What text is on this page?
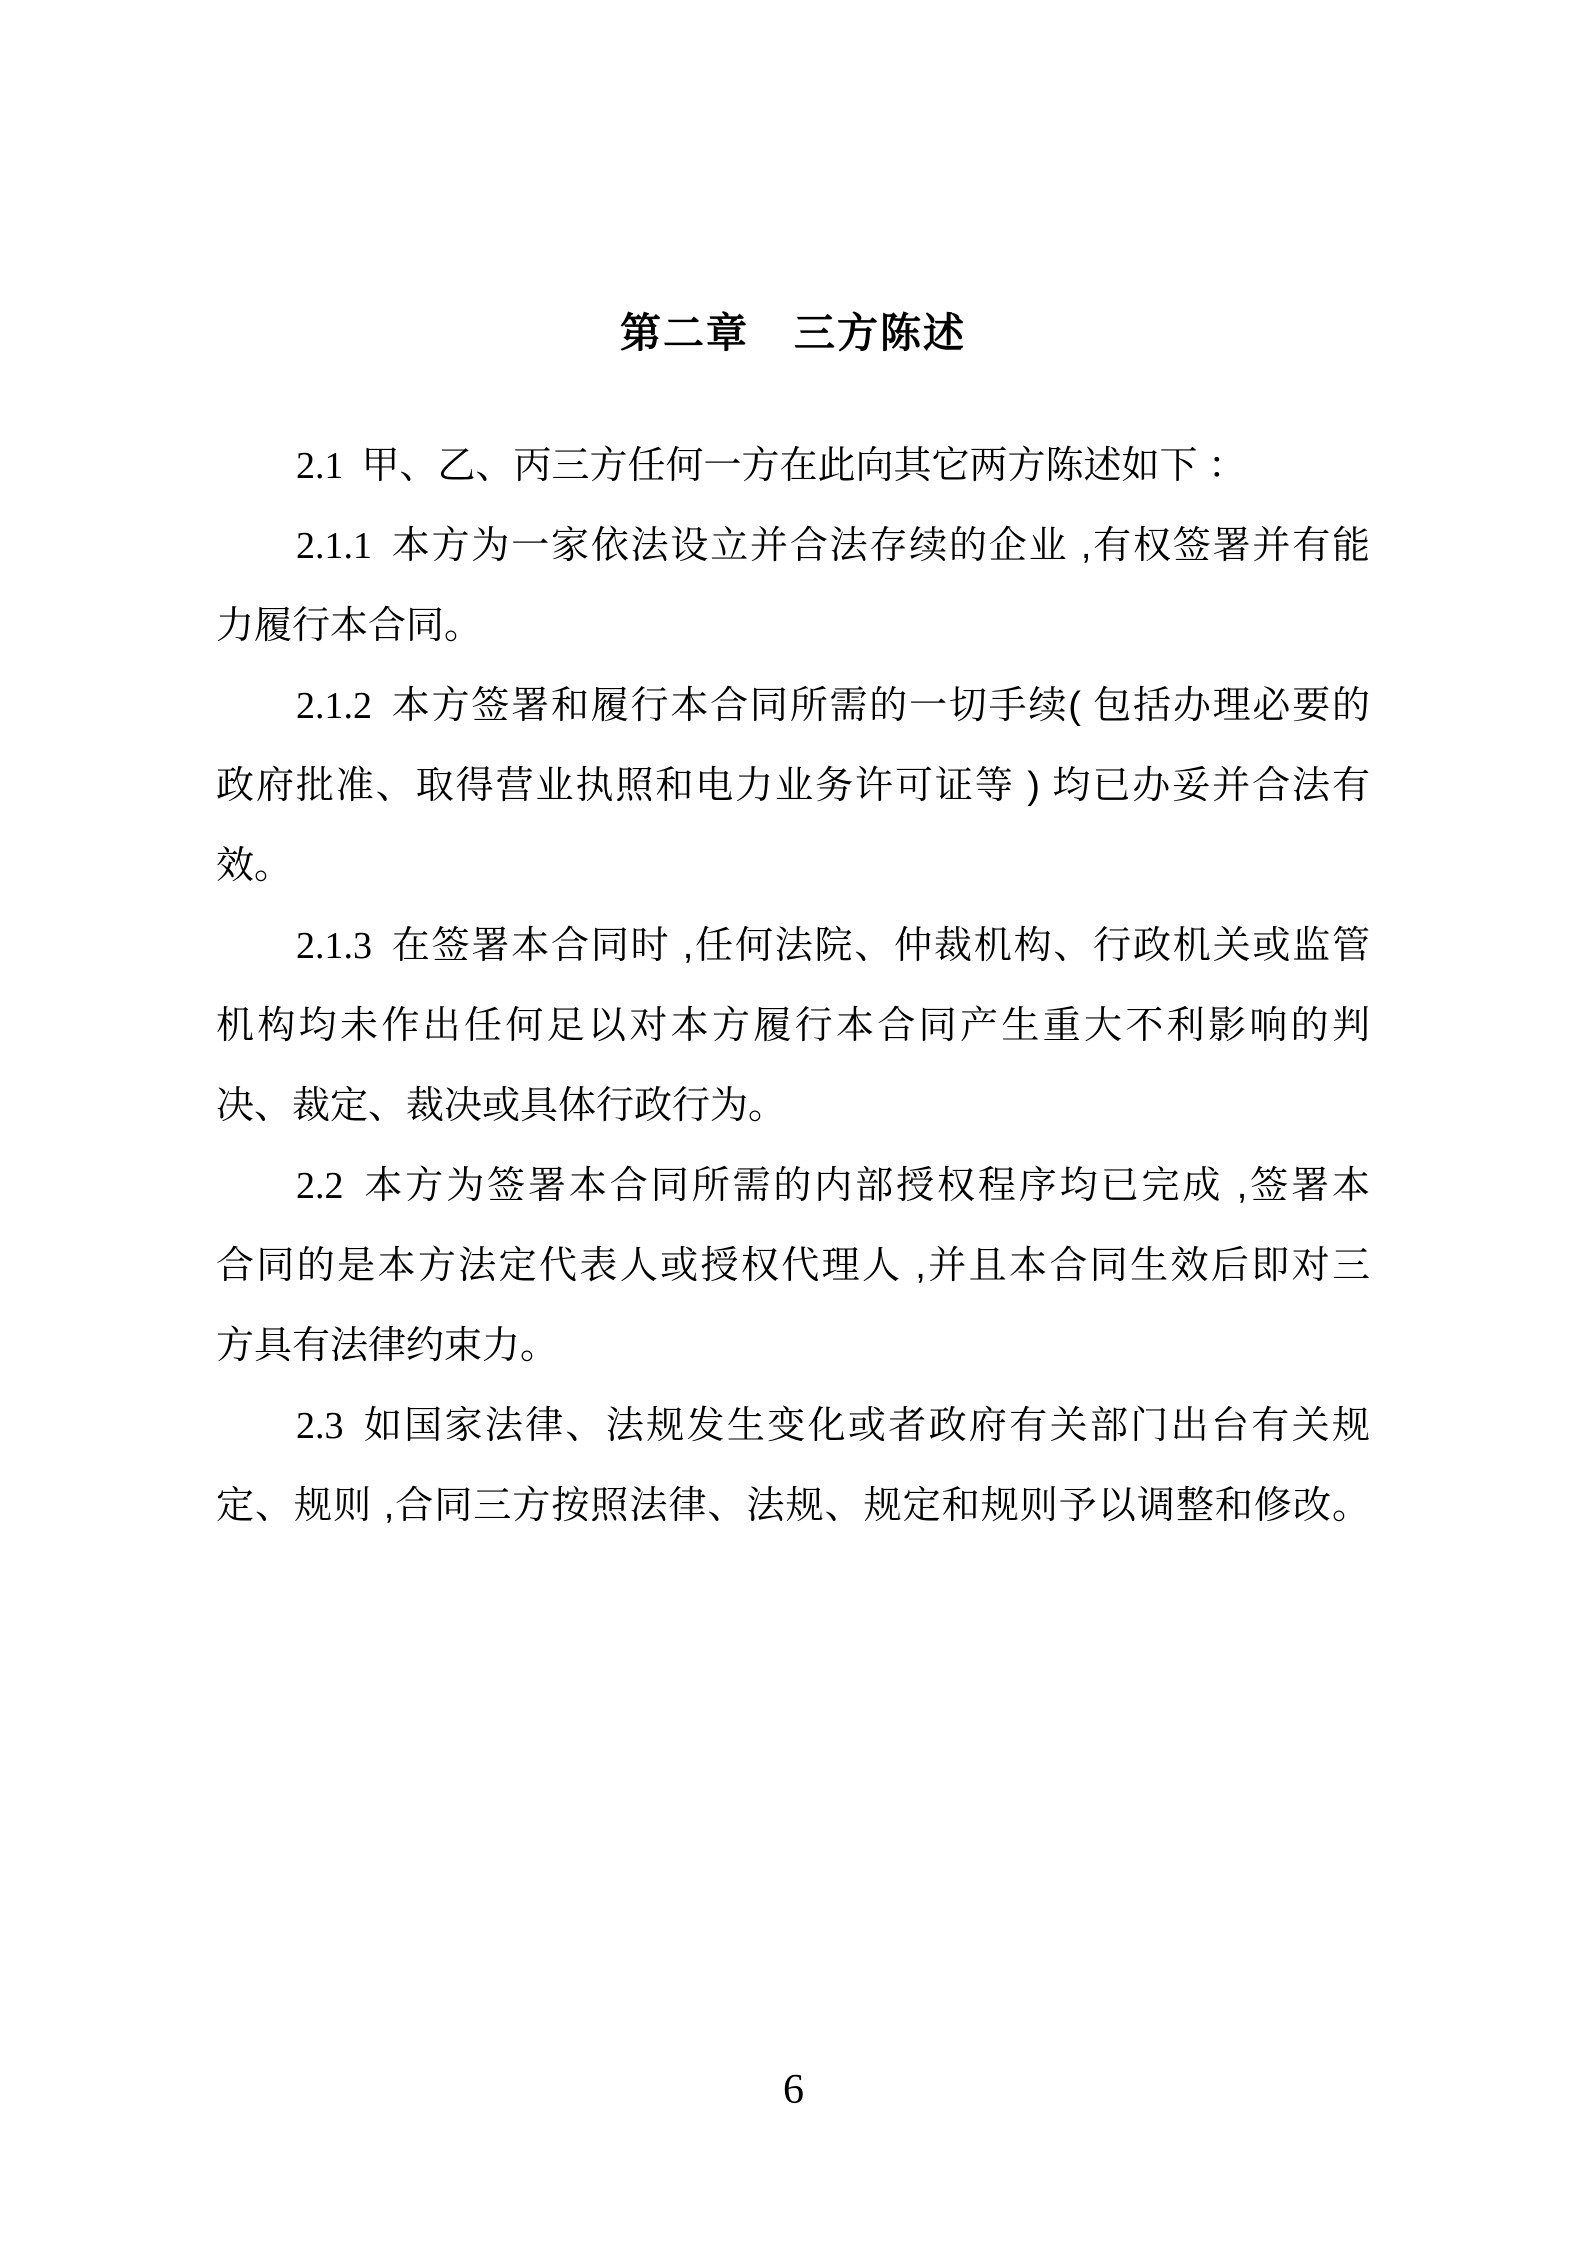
第二章 三方陈述
2.1 甲、乙、丙三方任何一方在此向其它两方陈述如下 ：
2.1.1 本方为一家依法设立并合法存续的企业 ,有权签署并有能
力履行本合同。
2.1.2 本方签署和履行本合同所需的一切手续( 包括办理必要的
政府批准、取得营业执照和电力业务许可证等 ) 均已办妥并合法有
效。
2.1.3 在签署本合同时 ,任何法院、仲裁机构、行政机关或监管
机构均未作出任何足以对本方履行本合同产生重大不利影响的判
决、裁定、裁决或具体行政行为。
2.2 本方为签署本合同所需的内部授权程序均已完成 ,签署本
合同的是本方法定代表人或授权代理人 ,并且本合同生效后即对三
方具有法律约束力。
2.3 如国家法律、法规发生变化或者政府有关部门出台有关规
定、规则 ,合同三方按照法律、法规、规定和规则予以调整和修改。
6
